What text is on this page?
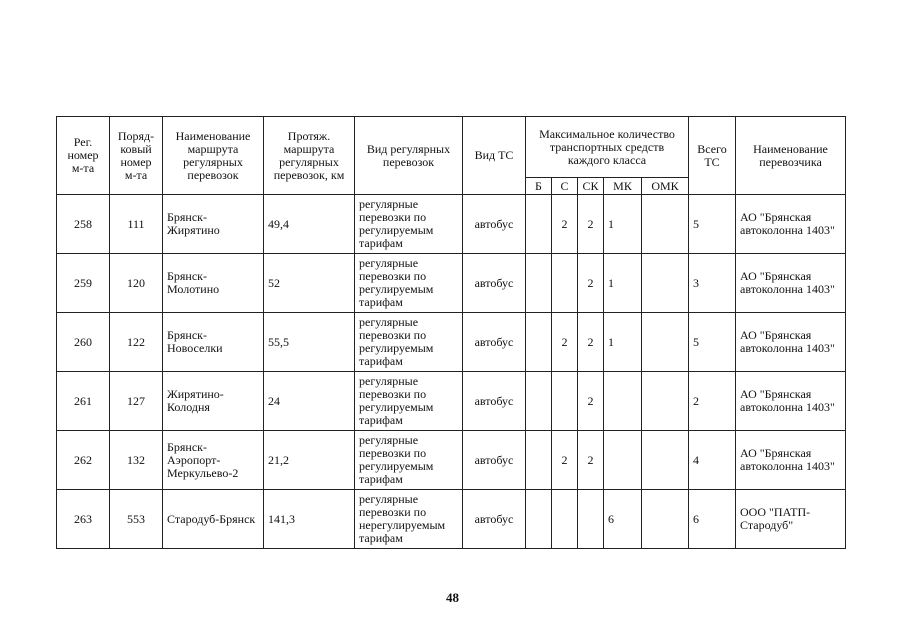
Рег. номер м-та	Поряд-ковый номер м-та	Наименование маршрута регулярных перевозок	Протяж. маршрута регулярных перевозок, км	Вид регулярных перевозок	Вид ТС	Максимальное количество транспортных средств каждого класса					Всего ТС	Наименование перевозчика
						Б	С	СК	МК	ОМК		
258	111	Брянск-Жирятино	49,4	регулярные перевозки по регулируемым тарифам	автобус		2	2	1		5	АО "Брянская автоколонна 1403"
259	120	Брянск-Молотино	52	регулярные перевозки по регулируемым тарифам	автобус			2	1		3	АО "Брянская автоколонна 1403"
260	122	Брянск-Новоселки	55,5	регулярные перевозки по регулируемым тарифам	автобус		2	2	1		5	АО "Брянская автоколонна 1403"
261	127	Жирятино-Колодня	24	регулярные перевозки по регулируемым тарифам	автобус			2			2	АО "Брянская автоколонна 1403"
262	132	Брянск-Аэропорт-Меркульево-2	21,2	регулярные перевозки по регулируемым тарифам	автобус		2	2			4	АО "Брянская автоколонна 1403"
263	553	Стародуб-Брянск	141,3	регулярные перевозки по нерегулируемым тарифам	автобус				6		6	ООО "ПАТП-Стародуб"
48
